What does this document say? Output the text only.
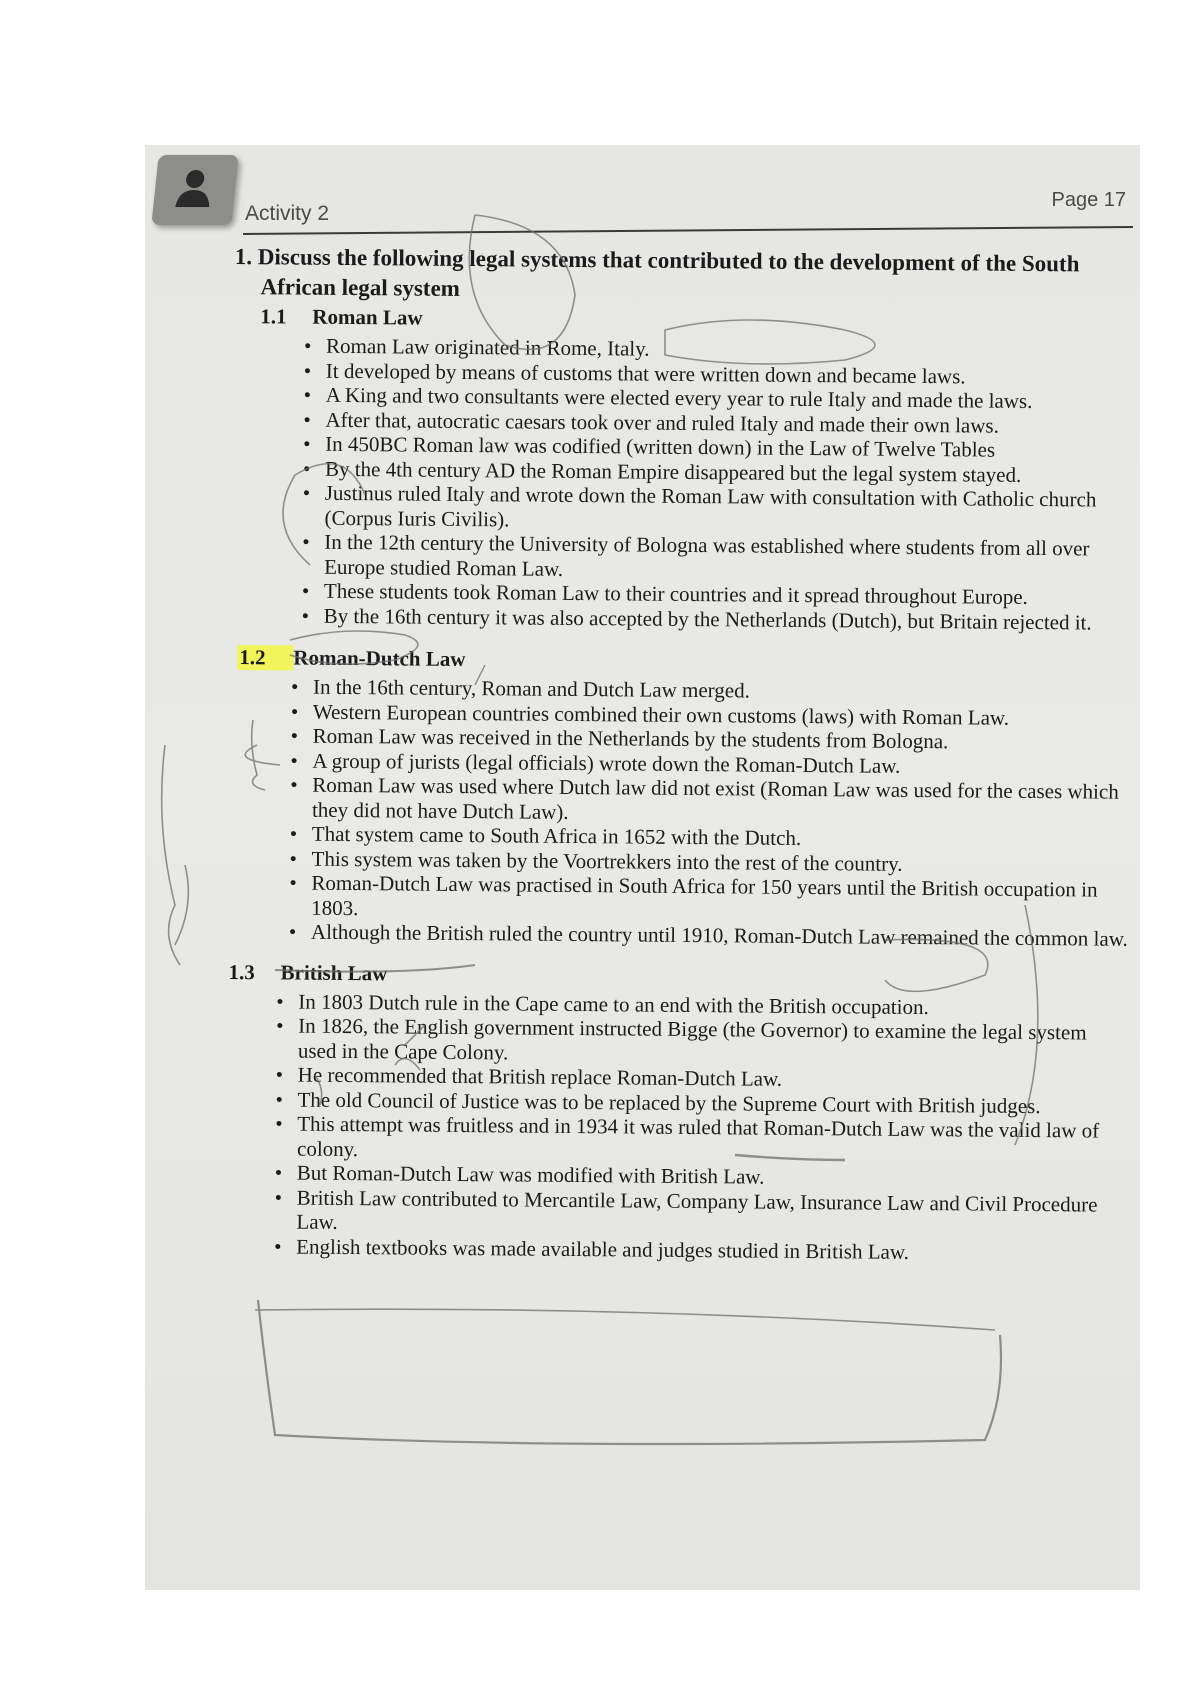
Activity 2
Page 17
1. Discuss the following legal systems that contributed to the development of the South African legal system
1.1 Roman Law
• Roman Law originated in Rome, Italy.
• It developed by means of customs that were written down and became laws.
• A King and two consultants were elected every year to rule Italy and made the laws.
• After that, autocratic caesars took over and ruled Italy and made their own laws.
• In 450BC Roman law was codified (written down) in the Law of Twelve Tables
• By the 4th century AD the Roman Empire disappeared but the legal system stayed.
• Justinus ruled Italy and wrote down the Roman Law with consultation with Catholic church (Corpus Iuris Civilis).
• In the 12th century the University of Bologna was established where students from all over Europe studied Roman Law.
• These students took Roman Law to their countries and it spread throughout Europe.
• By the 16th century it was also accepted by the Netherlands (Dutch), but Britain rejected it.
1.2 Roman-Dutch Law
• In the 16th century, Roman and Dutch Law merged.
• Western European countries combined their own customs (laws) with Roman Law.
• Roman Law was received in the Netherlands by the students from Bologna.
• A group of jurists (legal officials) wrote down the Roman-Dutch Law.
• Roman Law was used where Dutch law did not exist (Roman Law was used for the cases which they did not have Dutch Law).
• That system came to South Africa in 1652 with the Dutch.
• This system was taken by the Voortrekkers into the rest of the country.
• Roman-Dutch Law was practised in South Africa for 150 years until the British occupation in 1803.
• Although the British ruled the country until 1910, Roman-Dutch Law remained the common law.
1.3 British Law
• In 1803 Dutch rule in the Cape came to an end with the British occupation.
• In 1826, the English government instructed Bigge (the Governor) to examine the legal system used in the Cape Colony.
• He recommended that British replace Roman-Dutch Law.
• The old Council of Justice was to be replaced by the Supreme Court with British judges.
• This attempt was fruitless and in 1934 it was ruled that Roman-Dutch Law was the valid law of colony.
• But Roman-Dutch Law was modified with British Law.
• British Law contributed to Mercantile Law, Company Law, Insurance Law and Civil Procedure Law.
• English textbooks was made available and judges studied in British Law.
